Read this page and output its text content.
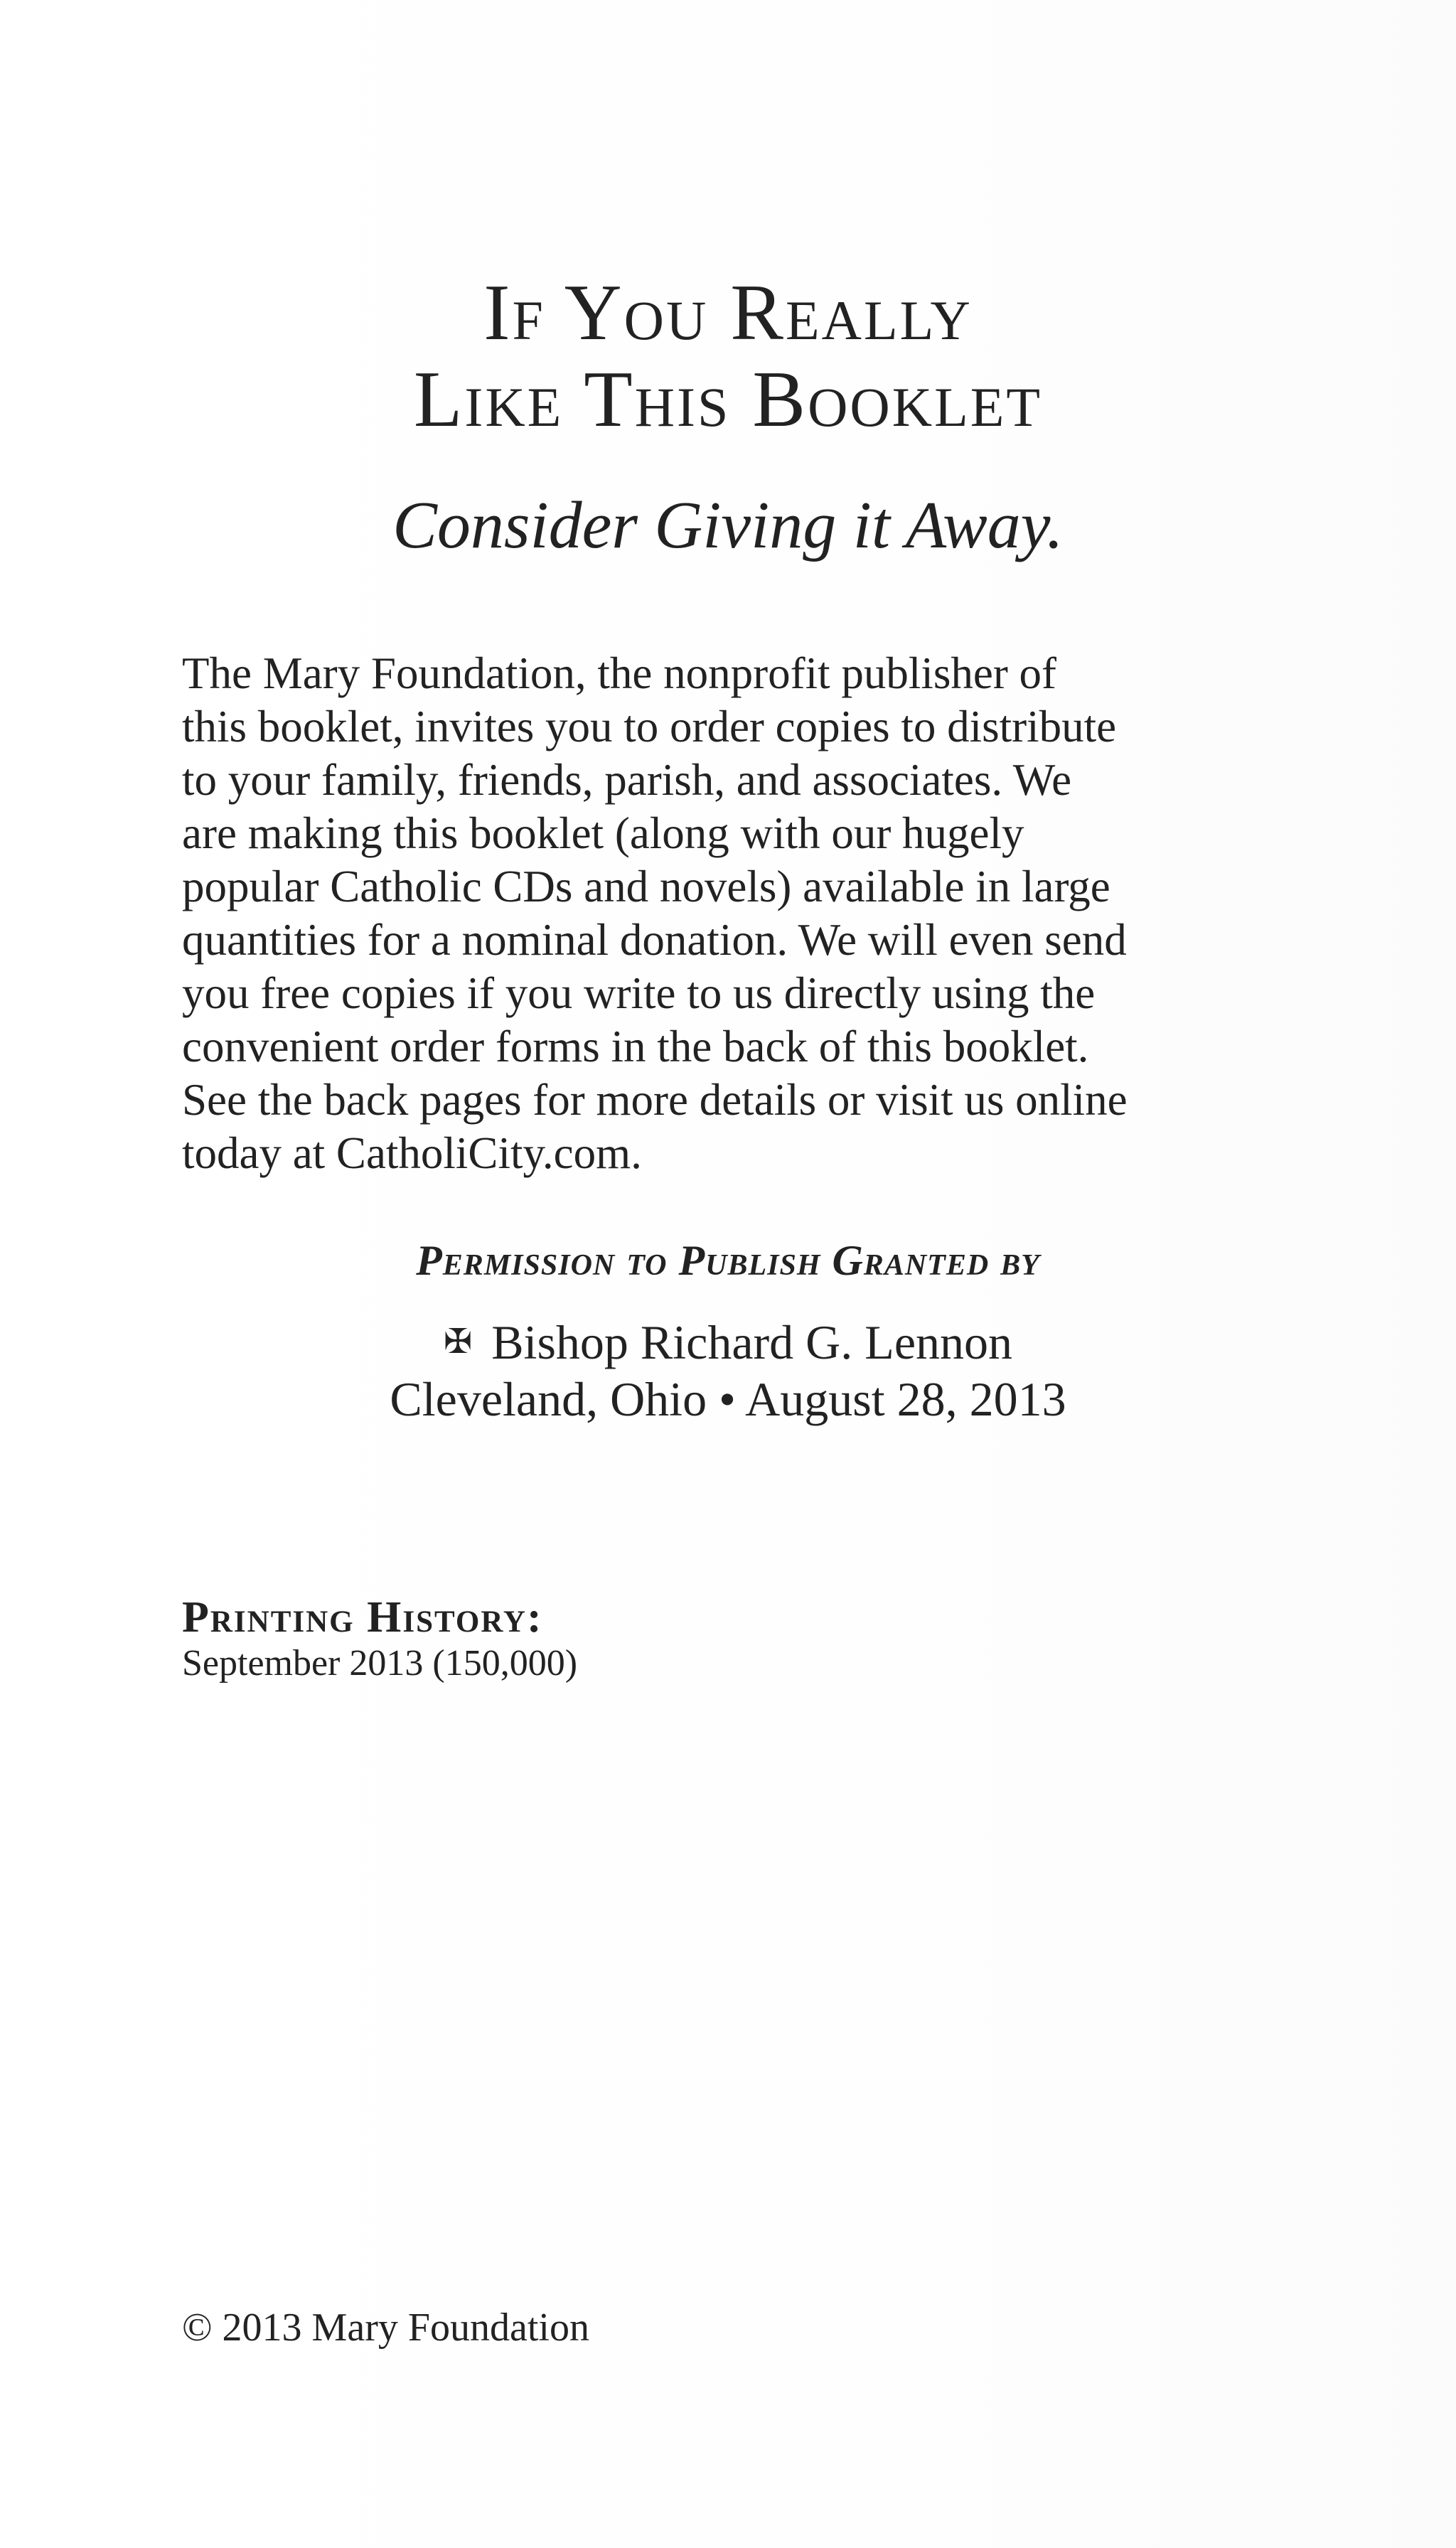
If You Really
Like This Booklet
Consider Giving it Away.
The Mary Foundation, the nonprofit publisher of
this booklet, invites you to order copies to distribute
to your family, friends, parish, and associates. We
are making this booklet (along with our hugely
popular Catholic CDs and novels) available in large
quantities for a nominal donation. We will even send
you free copies if you write to us directly using the
convenient order forms in the back of this booklet.
See the back pages for more details or visit us online
today at CatholiCity.com.
Permission to Publish Granted by
✠ Bishop Richard G. Lennon
Cleveland, Ohio • August 28, 2013
Printing History:
September 2013 (150,000)
© 2013 Mary Foundation
